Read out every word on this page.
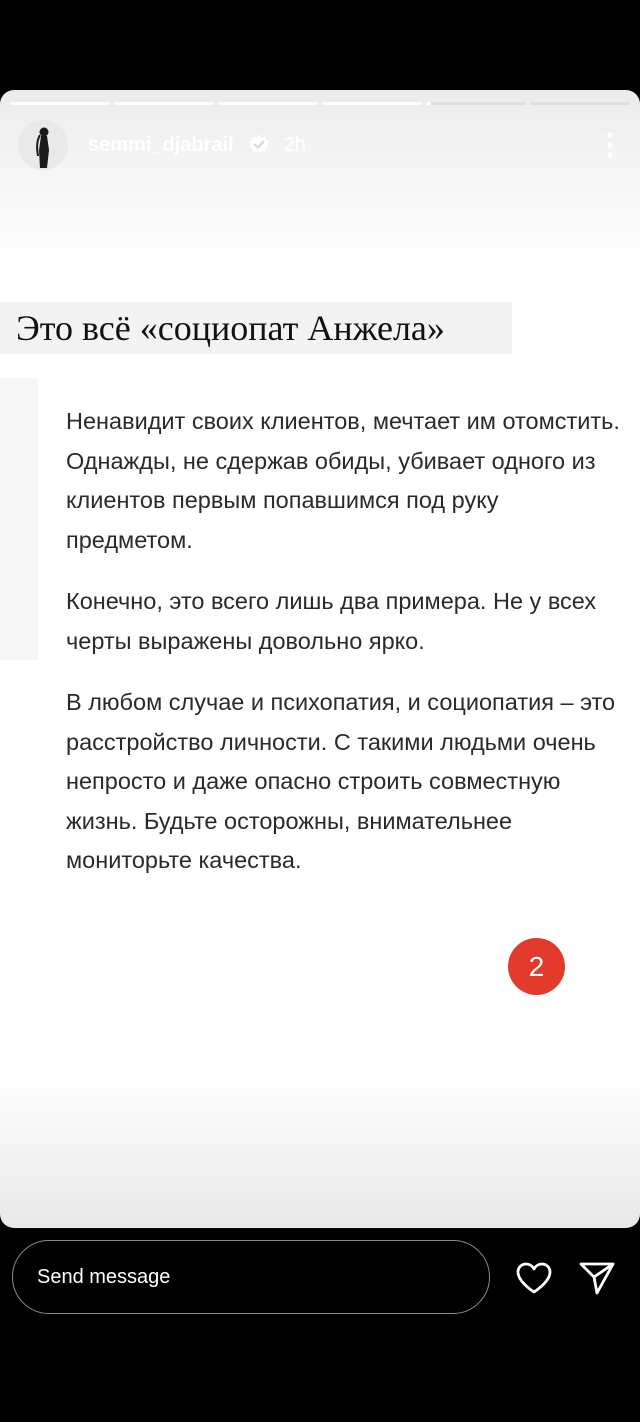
semmi_djabrail	2h
Это всё «социопат Анжела»

Ненавидит своих клиентов, мечтает им отомстить. Однажды, не сдержав обиды, убивает одного из клиентов первым попавшимся под руку предметом.

Конечно, это всего лишь два примера. Не у всех черты выражены довольно ярко.

В любом случае и психопатия, и социопатия – это расстройство личности. С такими людьми очень непросто и даже опасно строить совместную жизнь. Будьте осторожны, внимательнее мониторьте качества.

2
Send message
